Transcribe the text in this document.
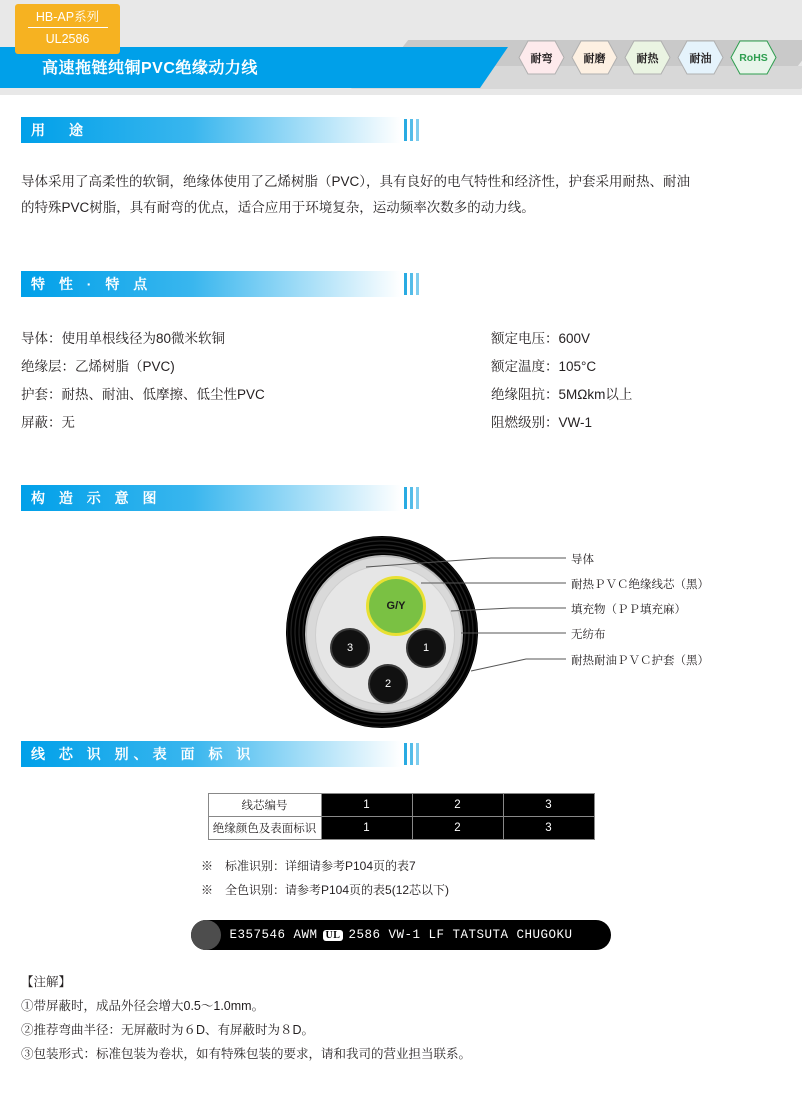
高速拖链纯铜PVC绝缘动力线
HB-AP系列
UL2586
耐弯	耐磨	耐热	耐油	RoHS
用　途
导体采用了高柔性的软铜，绝缘体使用了乙烯树脂（PVC），具有良好的电气特性和经济性，护套采用耐热、耐油
的特殊PVC树脂，具有耐弯的优点，适合应用于环境复杂，运动频率次数多的动力线。
特 性 · 特 点
导体：使用单根线径为80微米软铜
绝缘层：乙烯树脂（PVC)
护套：耐热、耐油、低摩擦、低尘性PVC
屏蔽：无
额定电压：600V
额定温度：105°C
绝缘阻抗：5MΩkm以上
阻燃级别：VW-1
构 造 示 意 图
G/Y
1
2
3
导体
耐热ＰＶＣ绝缘线芯（黑）
填充物（ＰＰ填充麻）
无纺布
耐热耐油ＰＶＣ护套（黑）
线 芯 识 别、表 面 标 识
线芯编号	1	2	3
绝缘颜色及表面标识	1	2	3
※　标准识别：详细请参考P104页的表7
※　全色识别：请参考P104页的表5(12芯以下)
E357546 AWM UL 2586 VW-1 LF TATSUTA CHUGOKU
【注解】
①带屏蔽时，成品外径会增大0.5～1.0mm。
②推荐弯曲半径：无屏蔽时为６D、有屏蔽时为８D。
③包装形式：标准包装为卷状，如有特殊包装的要求，请和我司的营业担当联系。
